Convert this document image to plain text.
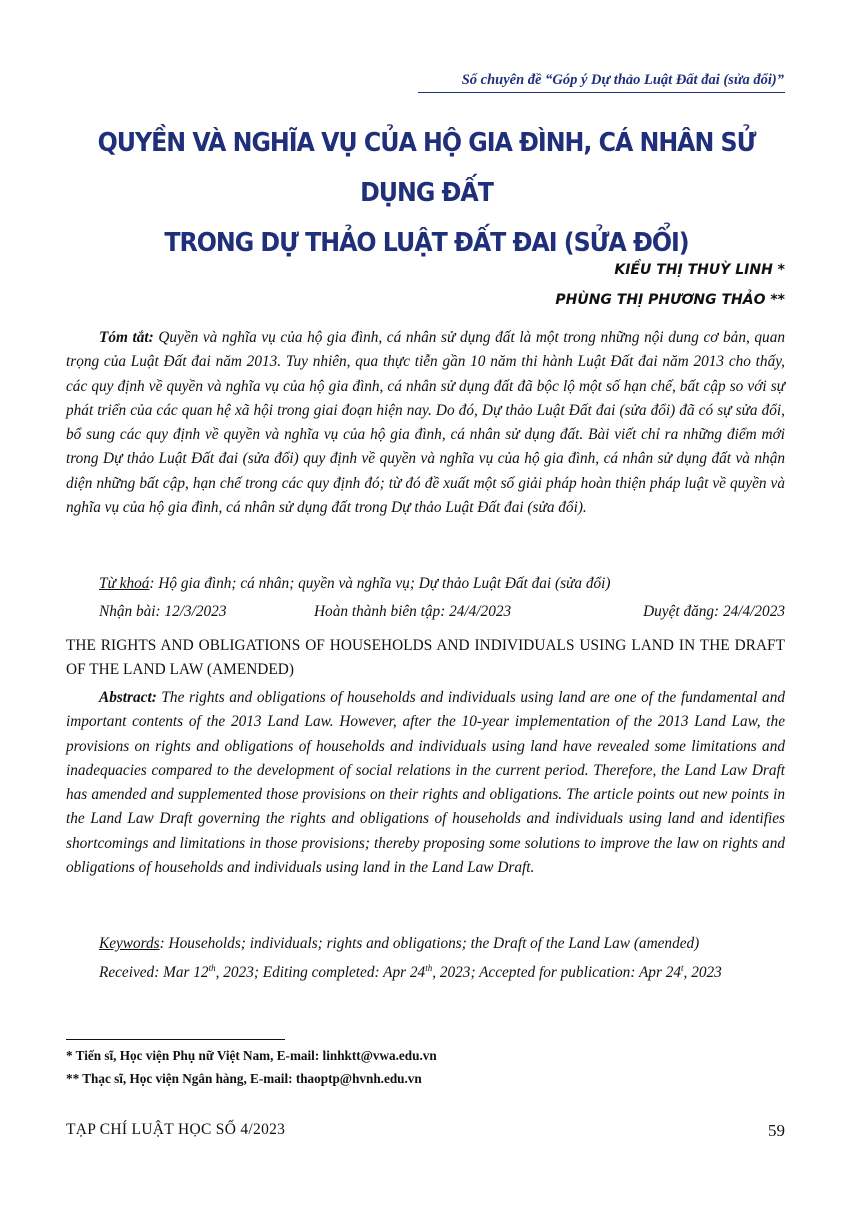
Số chuyên đề “Góp ý Dự thảo Luật Đất đai (sửa đổi)”
QUYỀN VÀ NGHĨA VỤ CỦA HỘ GIA ĐÌNH, CÁ NHÂN SỬ DỤNG ĐẤT
TRONG DỰ THẢO LUẬT ĐẤT ĐAI (SỬA ĐỔI)
KIỀU THỊ THUỲ LINH *
PHÙNG THỊ PHƯƠNG THẢO **
Tóm tắt: Quyền và nghĩa vụ của hộ gia đình, cá nhân sử dụng đất là một trong những nội dung cơ bản, quan trọng của Luật Đất đai năm 2013. Tuy nhiên, qua thực tiễn gần 10 năm thi hành Luật Đất đai năm 2013 cho thấy, các quy định về quyền và nghĩa vụ của hộ gia đình, cá nhân sử dụng đất đã bộc lộ một số hạn chế, bất cập so với sự phát triển của các quan hệ xã hội trong giai đoạn hiện nay. Do đó, Dự thảo Luật Đất đai (sửa đổi) đã có sự sửa đổi, bổ sung các quy định về quyền và nghĩa vụ của hộ gia đình, cá nhân sử dụng đất. Bài viết chỉ ra những điểm mới trong Dự thảo Luật Đất đai (sửa đổi) quy định về quyền và nghĩa vụ của hộ gia đình, cá nhân sử dụng đất và nhận diện những bất cập, hạn chế trong các quy định đó; từ đó đề xuất một số giải pháp hoàn thiện pháp luật về quyền và nghĩa vụ của hộ gia đình, cá nhân sử dụng đất trong Dự thảo Luật Đất đai (sửa đổi).
Từ khoá: Hộ gia đình; cá nhân; quyền và nghĩa vụ; Dự thảo Luật Đất đai (sửa đổi)
Nhận bài: 12/3/2023	Hoàn thành biên tập: 24/4/2023	Duyệt đăng: 24/4/2023
THE RIGHTS AND OBLIGATIONS OF HOUSEHOLDS AND INDIVIDUALS USING LAND IN THE DRAFT OF THE LAND LAW (AMENDED)
Abstract: The rights and obligations of households and individuals using land are one of the fundamental and important contents of the 2013 Land Law. However, after the 10-year implementation of the 2013 Land Law, the provisions on rights and obligations of households and individuals using land have revealed some limitations and inadequacies compared to the development of social relations in the current period. Therefore, the Land Law Draft has amended and supplemented those provisions on their rights and obligations. The article points out new points in the Land Law Draft governing the rights and obligations of households and individuals using land and identifies shortcomings and limitations in those provisions; thereby proposing some solutions to improve the law on rights and obligations of households and individuals using land in the Land Law Draft.
Keywords: Households; individuals; rights and obligations; the Draft of the Land Law (amended)
Received: Mar 12th, 2023; Editing completed: Apr 24th, 2023; Accepted for publication: Apr 24$^t$, 2023
* Tiến sĩ, Học viện Phụ nữ Việt Nam, E-mail: linhktt@vwa.edu.vn
** Thạc sĩ, Học viện Ngân hàng, E-mail: thaoptp@hvnh.edu.vn
TẠP CHÍ LUẬT HỌC SỐ 4/2023	59
